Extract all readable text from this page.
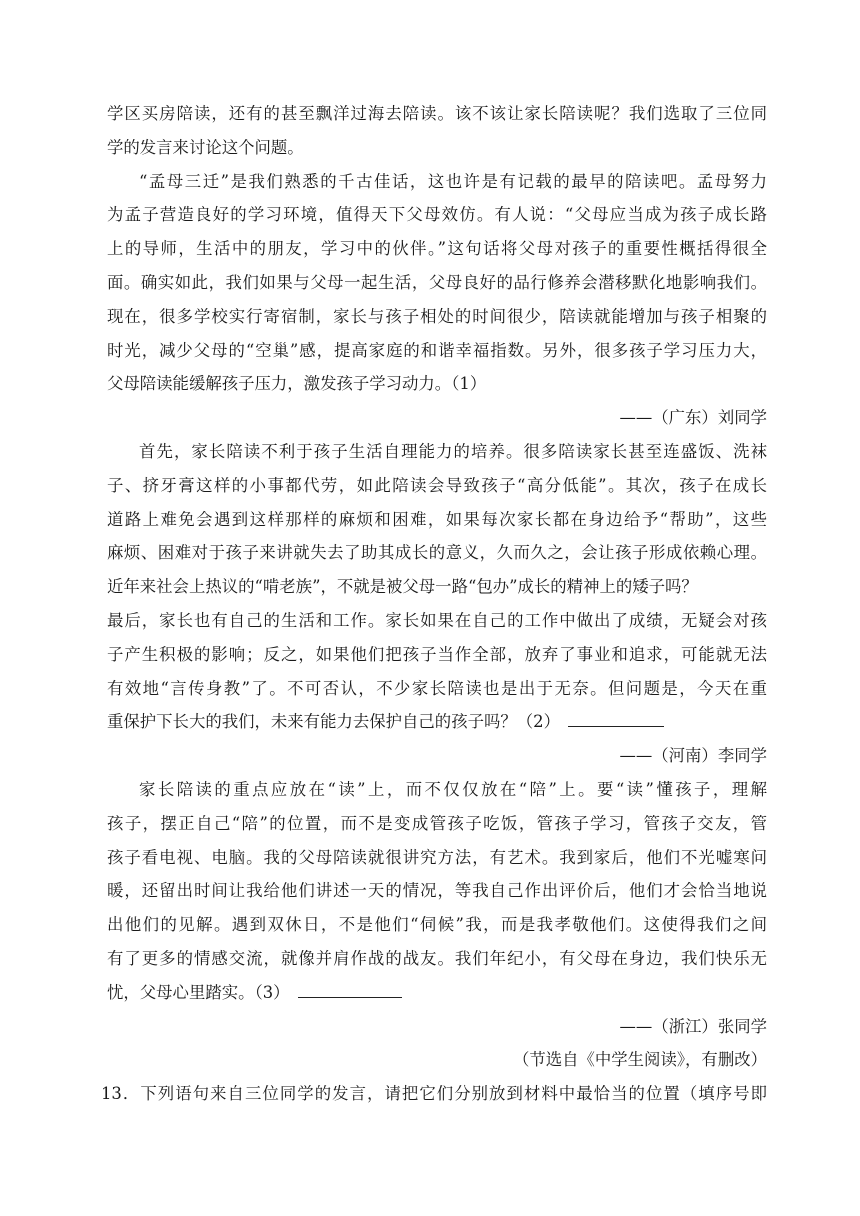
学区买房陪读，还有的甚至飘洋过海去陪读。该不该让家长陪读呢？我们选取了三位同
学的发言来讨论这个问题。
“孟母三迁”是我们熟悉的千古佳话，这也许是有记载的最早的陪读吧。孟母努力
为孟子营造良好的学习环境，值得天下父母效仿。有人说：“父母应当成为孩子成长路
上的导师，生活中的朋友，学习中的伙伴。”这句话将父母对孩子的重要性概括得很全
面。确实如此，我们如果与父母一起生活，父母良好的品行修养会潜移默化地影响我们。
现在，很多学校实行寄宿制，家长与孩子相处的时间很少，陪读就能增加与孩子相聚的
时光，减少父母的“空巢”感，提高家庭的和谐幸福指数。另外，很多孩子学习压力大，
父母陪读能缓解孩子压力，激发孩子学习动力。（1）
——（广东）刘同学
首先，家长陪读不利于孩子生活自理能力的培养。很多陪读家长甚至连盛饭、洗袜
子、挤牙膏这样的小事都代劳，如此陪读会导致孩子“高分低能”。其次，孩子在成长
道路上难免会遇到这样那样的麻烦和困难，如果每次家长都在身边给予“帮助”，这些
麻烦、困难对于孩子来讲就失去了助其成长的意义，久而久之，会让孩子形成依赖心理。
近年来社会上热议的“啃老族”，不就是被父母一路“包办”成长的精神上的矮子吗？
最后，家长也有自己的生活和工作。家长如果在自己的工作中做出了成绩，无疑会对孩
子产生积极的影响；反之，如果他们把孩子当作全部，放弃了事业和追求，可能就无法
有效地“言传身教”了。不可否认，不少家长陪读也是出于无奈。但问题是，今天在重
重保护下长大的我们，未来有能力去保护自己的孩子吗？（2）
——（河南）李同学
家长陪读的重点应放在“读”上，而不仅仅放在“陪”上。要“读”懂孩子，理解
孩子，摆正自己“陪”的位置，而不是变成管孩子吃饭，管孩子学习，管孩子交友，管
孩子看电视、电脑。我的父母陪读就很讲究方法，有艺术。我到家后，他们不光嘘寒问
暖，还留出时间让我给他们讲述一天的情况，等我自己作出评价后，他们才会恰当地说
出他们的见解。遇到双休日，不是他们“伺候”我，而是我孝敬他们。这使得我们之间
有了更多的情感交流，就像并肩作战的战友。我们年纪小，有父母在身边，我们快乐无
忧，父母心里踏实。（3）
——（浙江）张同学
（节选自《中学生阅读》，有删改）
13．下列语句来自三位同学的发言，请把它们分别放到材料中最恰当的位置（填序号即
